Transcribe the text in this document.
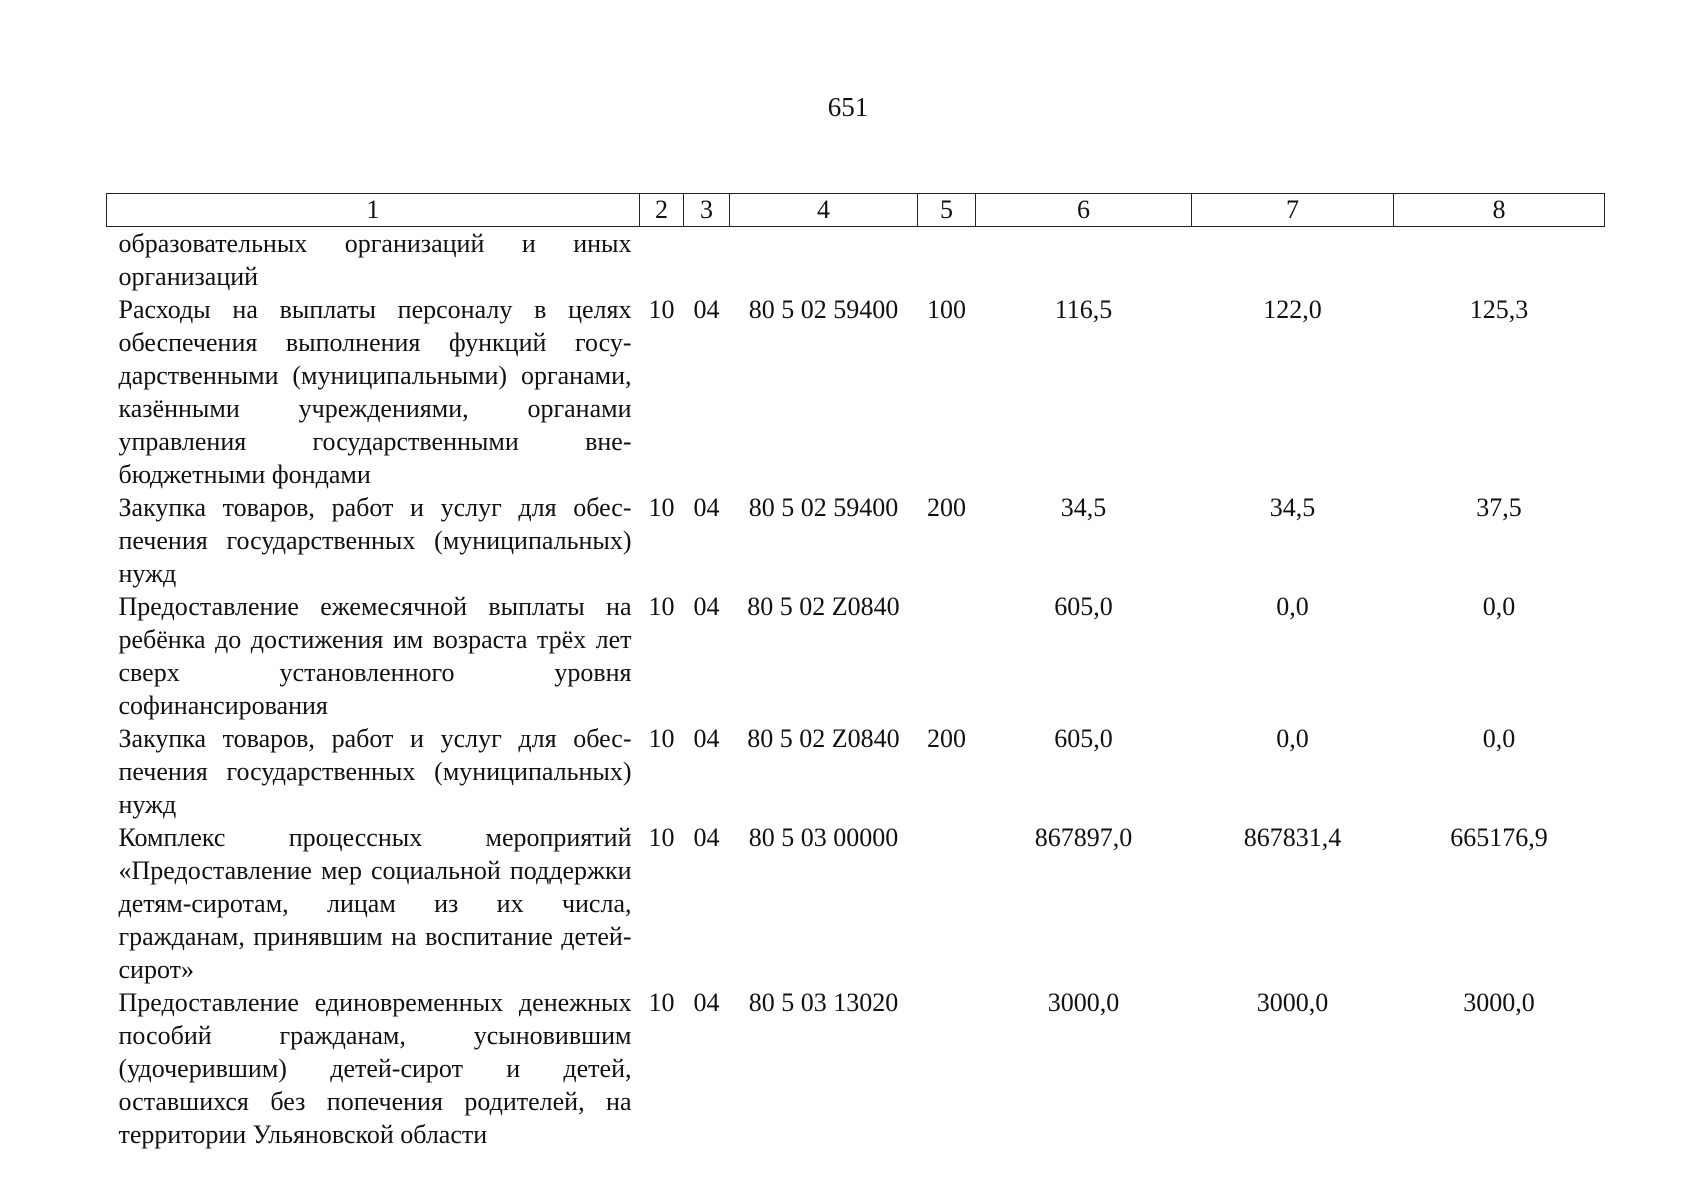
651
1	2	3	4	5	6	7	8
образовательных организаций и иных организаций							
Расходы на выплаты персоналу в целях обеспечения выполнения функций государственными (муниципальными) органами, казёнными учреждениями, органами управления государственными внебюджетными фондами	10	04	80 5 02 59400	100	116,5	122,0	125,3
Закупка товаров, работ и услуг для обеспечения государственных (муниципальных) нужд	10	04	80 5 02 59400	200	34,5	34,5	37,5
Предоставление ежемесячной выплаты на ребёнка до достижения им возраста трёх лет сверх установленного уровня софинансирования	10	04	80 5 02 Z0840		605,0	0,0	0,0
Закупка товаров, работ и услуг для обеспечения государственных (муниципальных) нужд	10	04	80 5 02 Z0840	200	605,0	0,0	0,0
Комплекс процессных мероприятий «Предоставление мер социальной поддержки детям-сиротам, лицам из их числа, гражданам, принявшим на воспитание детей-сирот»	10	04	80 5 03 00000		867897,0	867831,4	665176,9
Предоставление единовременных денежных пособий гражданам, усыновившим (удочерившим) детей-сирот и детей, оставшихся без попечения родителей, на территории Ульяновской области	10	04	80 5 03 13020		3000,0	3000,0	3000,0
